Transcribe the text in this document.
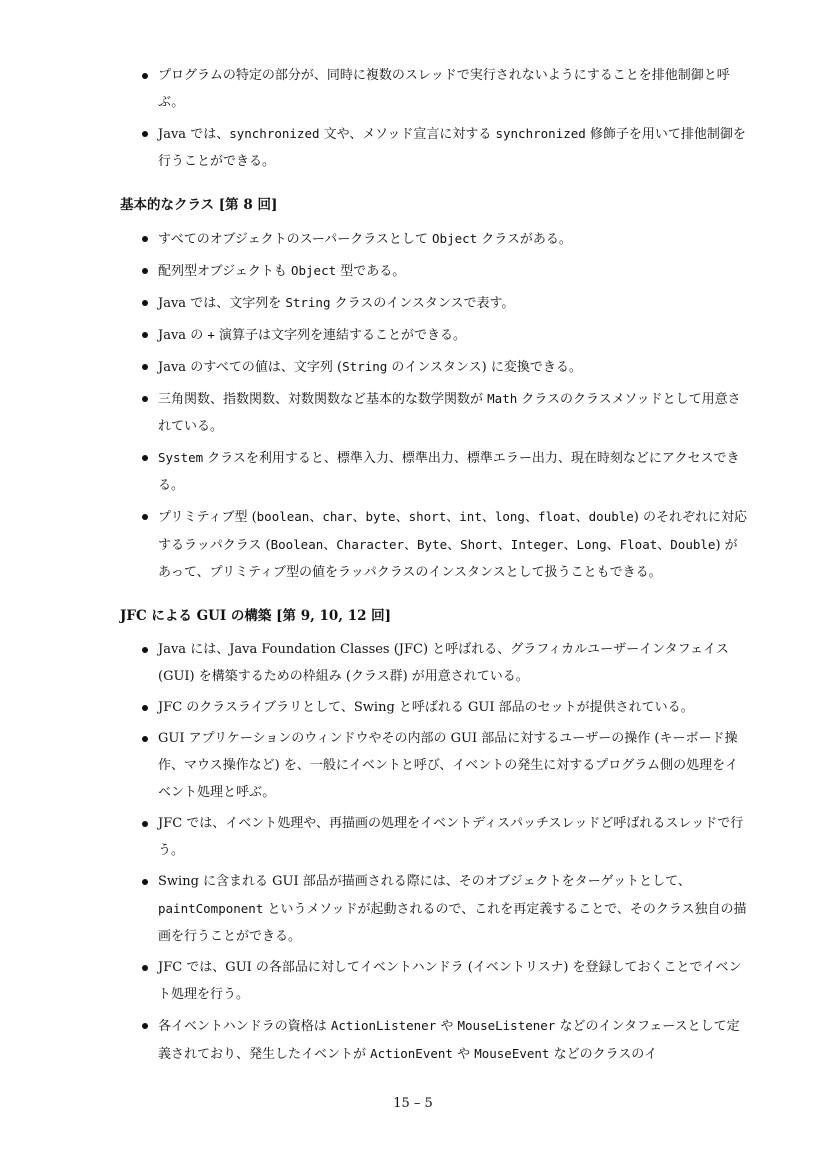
プログラムの特定の部分が、同時に複数のスレッドで実行されないようにすることを排他制御と呼ぶ。
Java では、synchronized 文や、メソッド宣言に対する synchronized 修飾子を用いて排他制御を行うことができる。
基本的なクラス [第 8 回]
すべてのオブジェクトのスーパークラスとして Object クラスがある。
配列型オブジェクトも Object 型である。
Java では、文字列を String クラスのインスタンスで表す。
Java の + 演算子は文字列を連結することができる。
Java のすべての値は、文字列 (String のインスタンス) に変換できる。
三角関数、指数関数、対数関数など基本的な数学関数が Math クラスのクラスメソッドとして用意されている。
System クラスを利用すると、標準入力、標準出力、標準エラー出力、現在時刻などにアクセスできる。
プリミティブ型 (boolean、char、byte、short、int、long、float、double) のそれぞれに対応するラッパクラス (Boolean、Character、Byte、Short、Integer、Long、Float、Double) があって、プリミティブ型の値をラッパクラスのインスタンスとして扱うこともできる。
JFC による GUI の構築 [第 9, 10, 12 回]
Java には、Java Foundation Classes (JFC) と呼ばれる、グラフィカルユーザーインタフェイス (GUI) を構築するための枠組み (クラス群) が用意されている。
JFC のクラスライブラリとして、Swing と呼ばれる GUI 部品のセットが提供されている。
GUI アプリケーションのウィンドウやその内部の GUI 部品に対するユーザーの操作 (キーボード操作、マウス操作など) を、一般にイベントと呼び、イベントの発生に対するプログラム側の処理をイベント処理と呼ぶ。
JFC では、イベント処理や、再描画の処理をイベントディスパッチスレッドど呼ばれるスレッドで行う。
Swing に含まれる GUI 部品が描画される際には、そのオブジェクトをターゲットとして、paintComponent というメソッドが起動されるので、これを再定義することで、そのクラス独自の描画を行うことができる。
JFC では、GUI の各部品に対してイベントハンドラ (イベントリスナ) を登録しておくことでイベント処理を行う。
各イベントハンドラの資格は ActionListener や MouseListener などのインタフェースとして定義されており、発生したイベントが ActionEvent や MouseEvent などのクラスのイ
15 – 5
